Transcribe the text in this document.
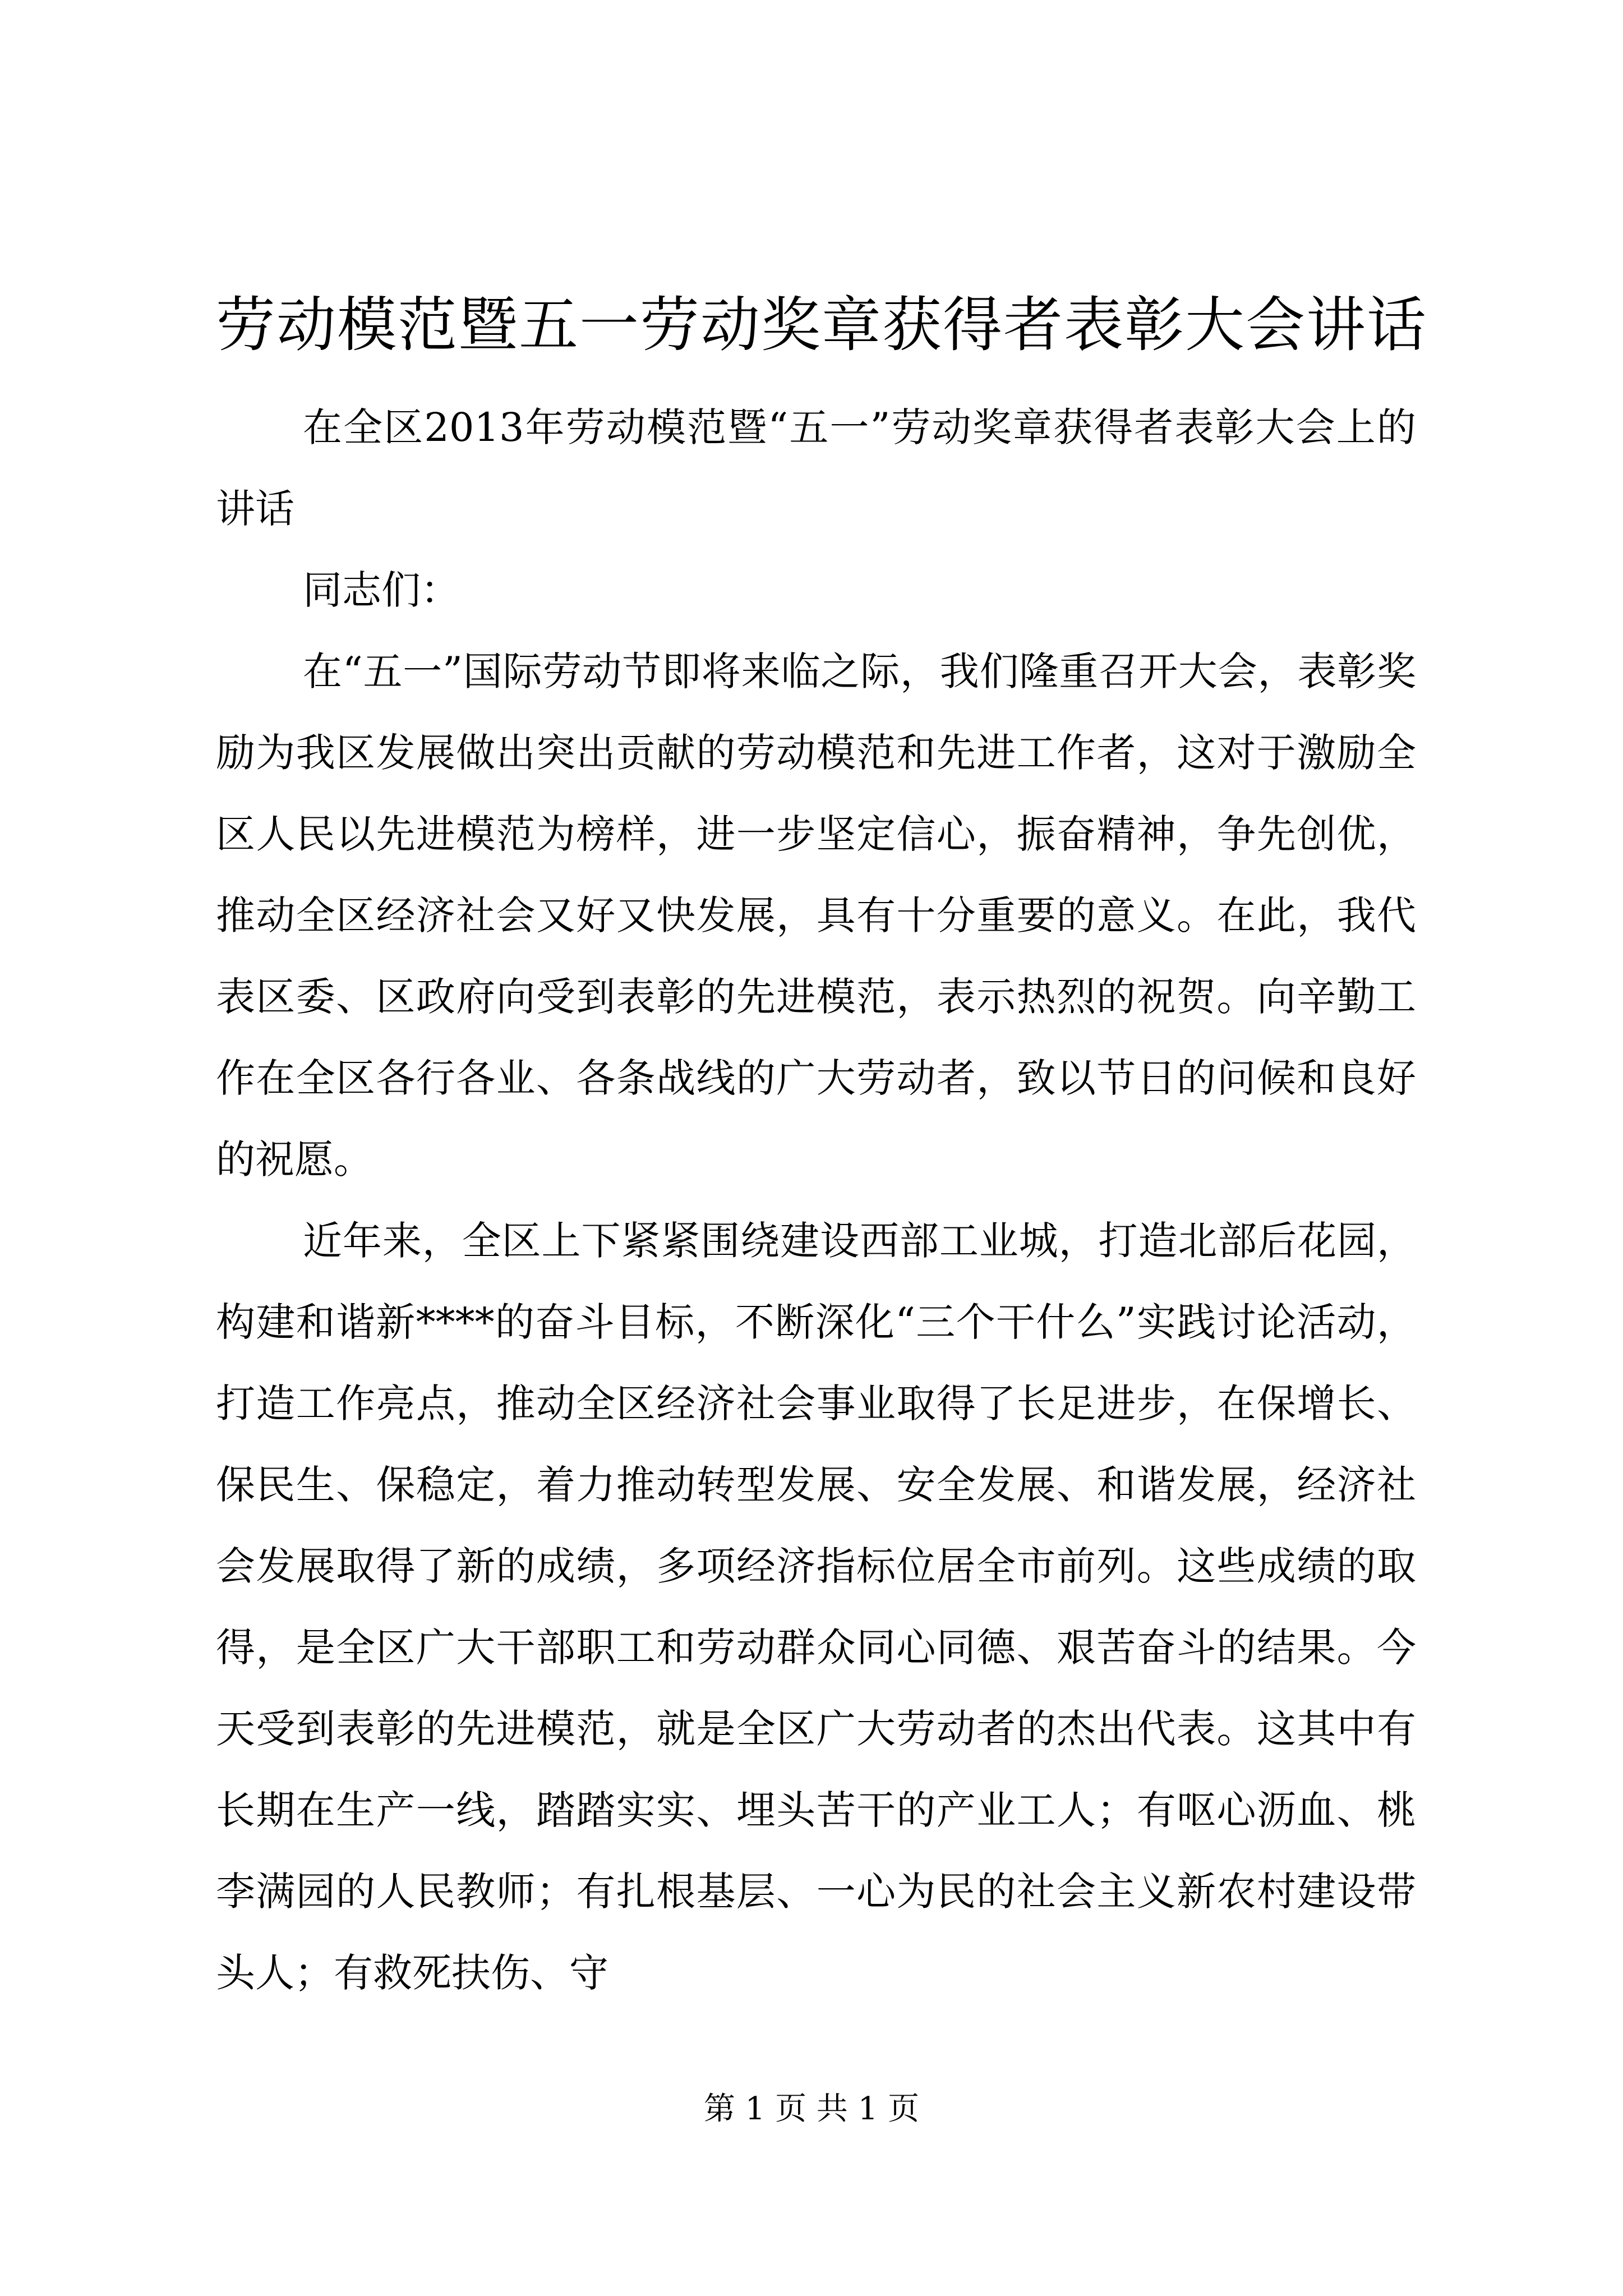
劳动模范暨五一劳动奖章获得者表彰大会讲话

在全区2013年劳动模范暨“五一”劳动奖章获得者表彰大会上的讲话

同志们：

在“五一”国际劳动节即将来临之际，我们隆重召开大会，表彰奖励为我区发展做出突出贡献的劳动模范和先进工作者，这对于激励全区人民以先进模范为榜样，进一步坚定信心，振奋精神，争先创优，推动全区经济社会又好又快发展，具有十分重要的意义。在此，我代表区委、区政府向受到表彰的先进模范，表示热烈的祝贺。向辛勤工作在全区各行各业、各条战线的广大劳动者，致以节日的问候和良好的祝愿。

近年来，全区上下紧紧围绕建设西部工业城，打造北部后花园，构建和谐新****的奋斗目标，不断深化“三个干什么”实践讨论活动，打造工作亮点，推动全区经济社会事业取得了长足进步，在保增长、保民生、保稳定，着力推动转型发展、安全发展、和谐发展，经济社会发展取得了新的成绩，多项经济指标位居全市前列。这些成绩的取得，是全区广大干部职工和劳动群众同心同德、艰苦奋斗的结果。今天受到表彰的先进模范，就是全区广大劳动者的杰出代表。这其中有长期在生产一线，踏踏实实、埋头苦干的产业工人；有呕心沥血、桃李满园的人民教师；有扎根基层、一心为民的社会主义新农村建设带头人；有救死扶伤、守

第 1 页 共 1 页
